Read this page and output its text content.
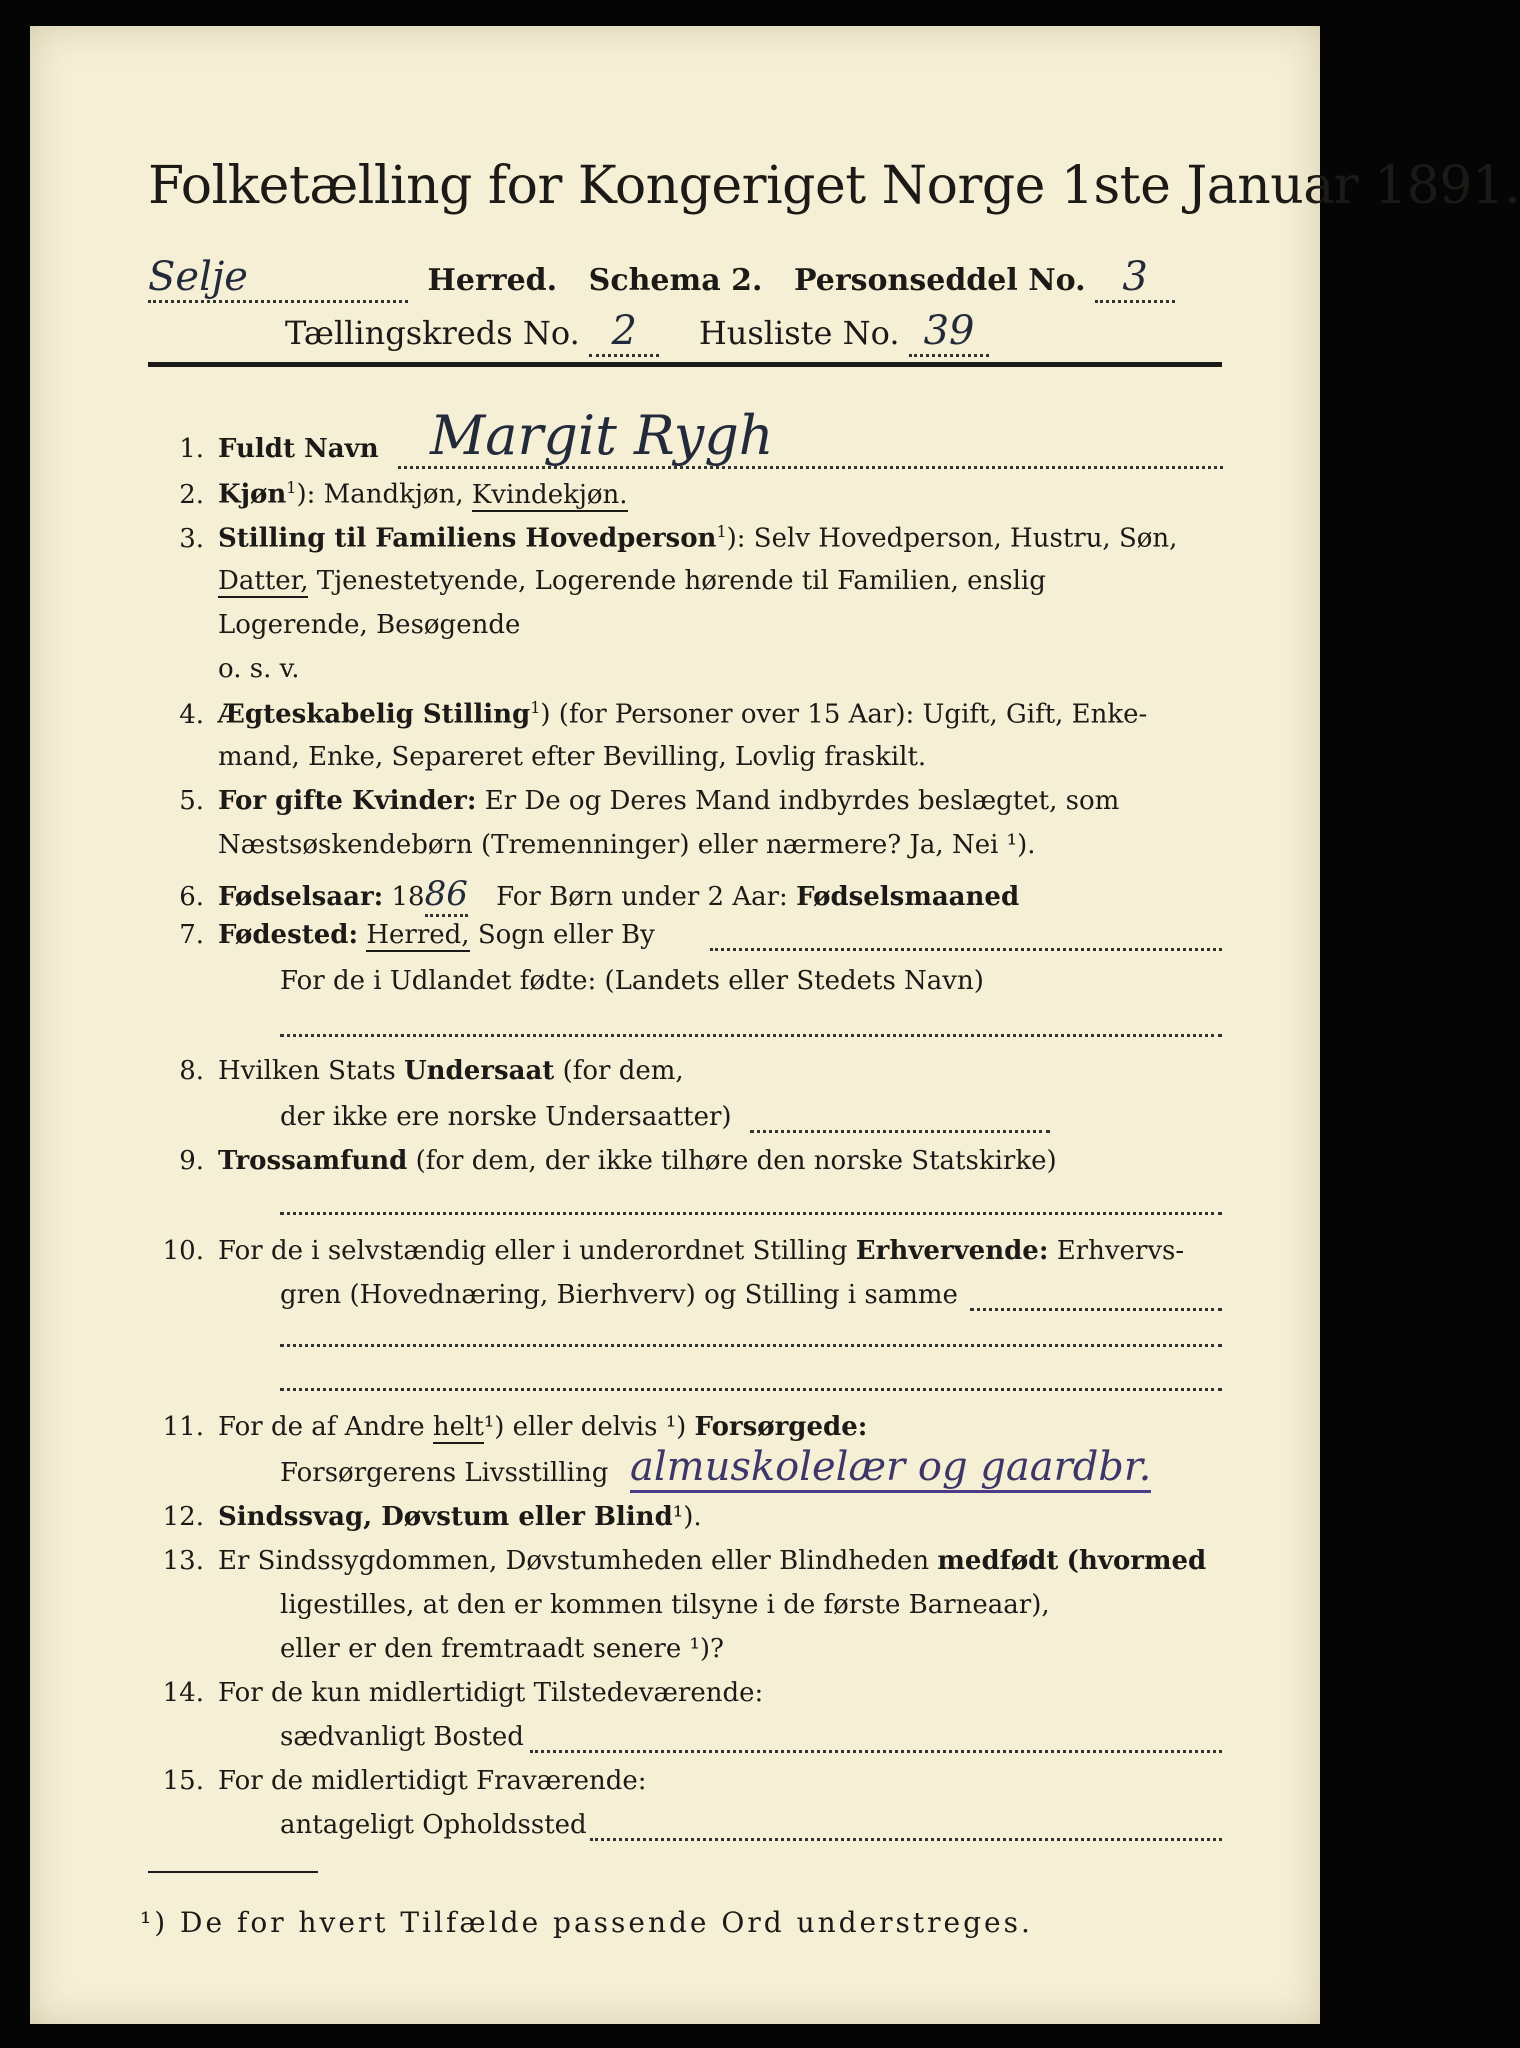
Folketælling for Kongeriget Norge 1ste Januar 1891.
Selje	Herred. Schema 2. Personseddel No. 3
Tællingskreds No. 2 Husliste No. 39
1. Fuldt Navn Margit Rygh
2. Kjøn$^1$): Mandkjøn, Kvindekjøn.
3. Stilling til Familiens Hovedperson$^1$): Selv Hovedperson, Hustru, Søn,
Datter, Tjenestetyende, Logerende hørende til Familien, enslig
Logerende, Besøgende
o. s. v.
4. Ægteskabelig Stilling$^1$) (for Personer over 15 Aar): Ugift, Gift, Enke-
mand, Enke, Separeret efter Bevilling, Lovlig fraskilt.
5. For gifte Kvinder: Er De og Deres Mand indbyrdes beslægtet, som
Næstsøskendebørn (Tremenninger) eller nærmere? Ja, Nei ¹).
6. Fødselsaar: 1886 For Børn under 2 Aar: Fødselsmaaned
7. Fødested: Herred, Sogn eller By
For de i Udlandet fødte: (Landets eller Stedets Navn)
8. Hvilken Stats Undersaat (for dem,
der ikke ere norske Undersaatter)
9. Trossamfund (for dem, der ikke tilhøre den norske Statskirke)
10. For de i selvstændig eller i underordnet Stilling Erhvervende: Erhvervs-
gren (Hovednæring, Bierhverv) og Stilling i samme
11. For de af Andre helt¹) eller delvis ¹) Forsørgede:
Forsørgerens Livsstilling almuskolelær og gaardbr.
12. Sindssvag, Døvstum eller Blind¹).
13. Er Sindssygdommen, Døvstumheden eller Blindheden medfødt (hvormed
ligestilles, at den er kommen tilsyne i de første Barneaar),
eller er den fremtraadt senere ¹)?
14. For de kun midlertidigt Tilstedeværende:
sædvanligt Bosted
15. For de midlertidigt Fraværende:
antageligt Opholdssted
¹) De for hvert Tilfælde passende Ord understreges.
